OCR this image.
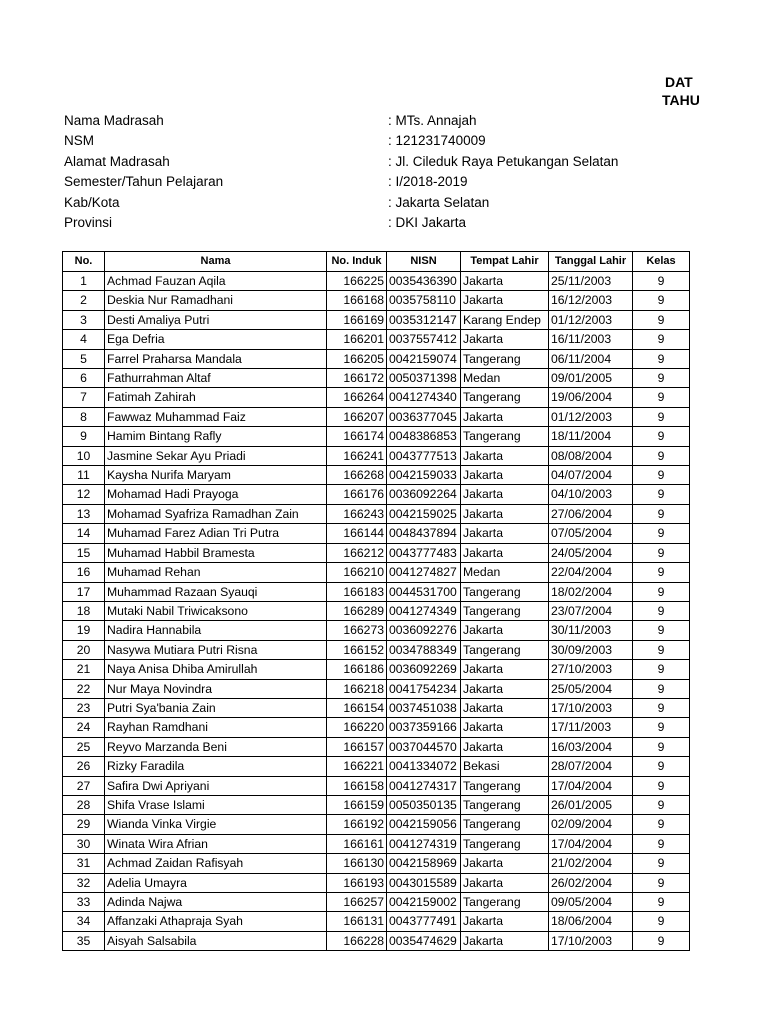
DAT
TAHU
Nama Madrasah	: MTs. Annajah
NSM	: 121231740009
Alamat Madrasah	: Jl. Cileduk Raya Petukangan Selatan
Semester/Tahun Pelajaran	: I/2018-2019
Kab/Kota	: Jakarta Selatan
Provinsi	: DKI Jakarta
No.	Nama	No. Induk	NISN	Tempat Lahir	Tanggal Lahir	Kelas
1	Achmad Fauzan Aqila	166225	0035436390	Jakarta	25/11/2003	9
2	Deskia Nur Ramadhani	166168	0035758110	Jakarta	16/12/2003	9
3	Desti Amaliya Putri	166169	0035312147	Karang Endep	01/12/2003	9
4	Ega Defria	166201	0037557412	Jakarta	16/11/2003	9
5	Farrel Praharsa Mandala	166205	0042159074	Tangerang	06/11/2004	9
6	Fathurrahman Altaf	166172	0050371398	Medan	09/01/2005	9
7	Fatimah Zahirah	166264	0041274340	Tangerang	19/06/2004	9
8	Fawwaz Muhammad Faiz	166207	0036377045	Jakarta	01/12/2003	9
9	Hamim Bintang Rafly	166174	0048386853	Tangerang	18/11/2004	9
10	Jasmine Sekar Ayu Priadi	166241	0043777513	Jakarta	08/08/2004	9
11	Kaysha Nurifa Maryam	166268	0042159033	Jakarta	04/07/2004	9
12	Mohamad Hadi Prayoga	166176	0036092264	Jakarta	04/10/2003	9
13	Mohamad Syafriza Ramadhan Zain	166243	0042159025	Jakarta	27/06/2004	9
14	Muhamad Farez Adian Tri Putra	166144	0048437894	Jakarta	07/05/2004	9
15	Muhamad Habbil Bramesta	166212	0043777483	Jakarta	24/05/2004	9
16	Muhamad Rehan	166210	0041274827	Medan	22/04/2004	9
17	Muhammad Razaan Syauqi	166183	0044531700	Tangerang	18/02/2004	9
18	Mutaki Nabil Triwicaksono	166289	0041274349	Tangerang	23/07/2004	9
19	Nadira Hannabila	166273	0036092276	Jakarta	30/11/2003	9
20	Nasywa Mutiara Putri Risna	166152	0034788349	Tangerang	30/09/2003	9
21	Naya Anisa Dhiba Amirullah	166186	0036092269	Jakarta	27/10/2003	9
22	Nur Maya Novindra	166218	0041754234	Jakarta	25/05/2004	9
23	Putri Sya'bania Zain	166154	0037451038	Jakarta	17/10/2003	9
24	Rayhan Ramdhani	166220	0037359166	Jakarta	17/11/2003	9
25	Reyvo Marzanda Beni	166157	0037044570	Jakarta	16/03/2004	9
26	Rizky Faradila	166221	0041334072	Bekasi	28/07/2004	9
27	Safira Dwi Apriyani	166158	0041274317	Tangerang	17/04/2004	9
28	Shifa Vrase Islami	166159	0050350135	Tangerang	26/01/2005	9
29	Wianda Vinka Virgie	166192	0042159056	Tangerang	02/09/2004	9
30	Winata Wira Afrian	166161	0041274319	Tangerang	17/04/2004	9
31	Achmad Zaidan Rafisyah	166130	0042158969	Jakarta	21/02/2004	9
32	Adelia Umayra	166193	0043015589	Jakarta	26/02/2004	9
33	Adinda Najwa	166257	0042159002	Tangerang	09/05/2004	9
34	Affanzaki Athapraja Syah	166131	0043777491	Jakarta	18/06/2004	9
35	Aisyah Salsabila	166228	0035474629	Jakarta	17/10/2003	9
